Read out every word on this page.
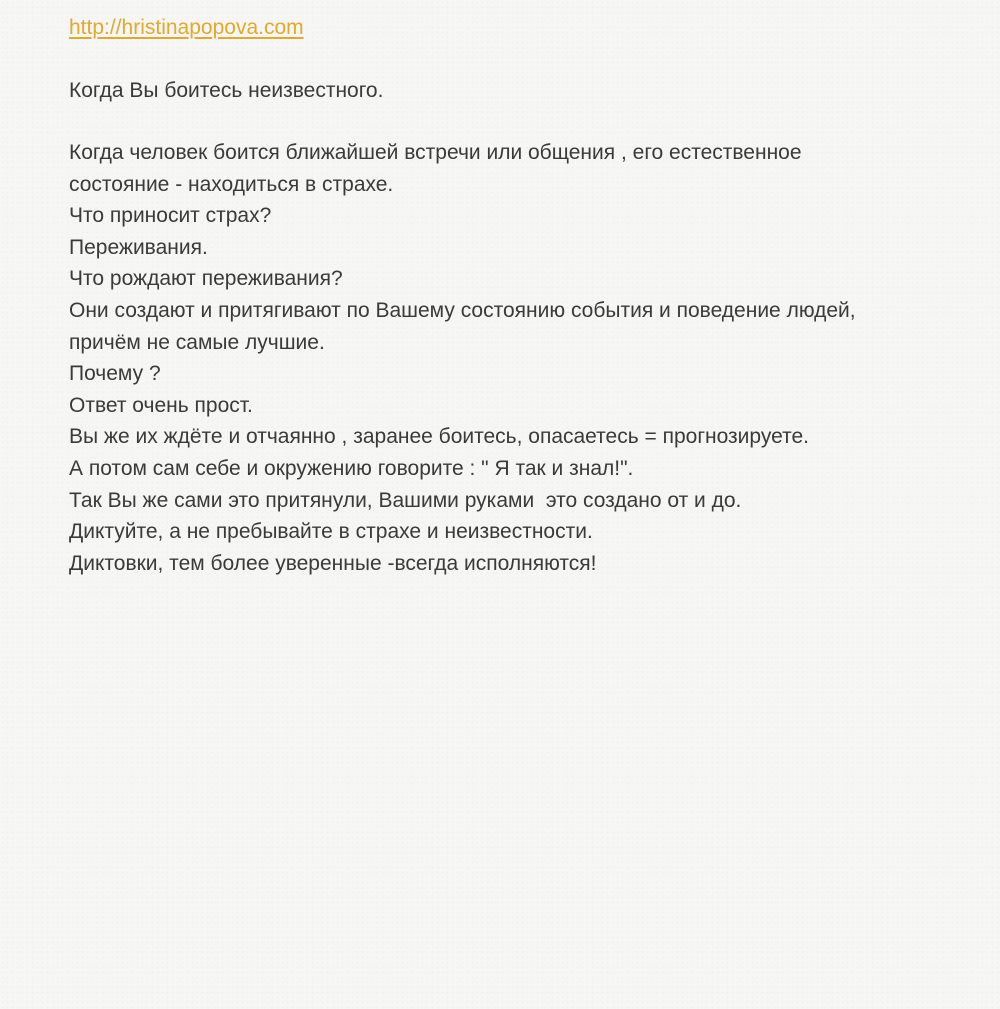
http://hristinapopova.com
Когда Вы боитесь неизвестного.
Когда человек боится ближайшей встречи или общения , его естественное
состояние - находиться в страхе.
Что приносит страх?
Переживания.
Что рождают переживания?
Они создают и притягивают по Вашему состоянию события и поведение людей,
причём не самые лучшие.
Почему ?
Ответ очень прост.
Вы же их ждёте и отчаянно , заранее боитесь, опасаетесь = прогнозируете.
А потом сам себе и окружению говорите : " Я так и знал!".
Так Вы же сами это притянули, Вашими руками  это создано от и до.
Диктуйте, а не пребывайте в страхе и неизвестности.
Диктовки, тем более уверенные -всегда исполняются!
